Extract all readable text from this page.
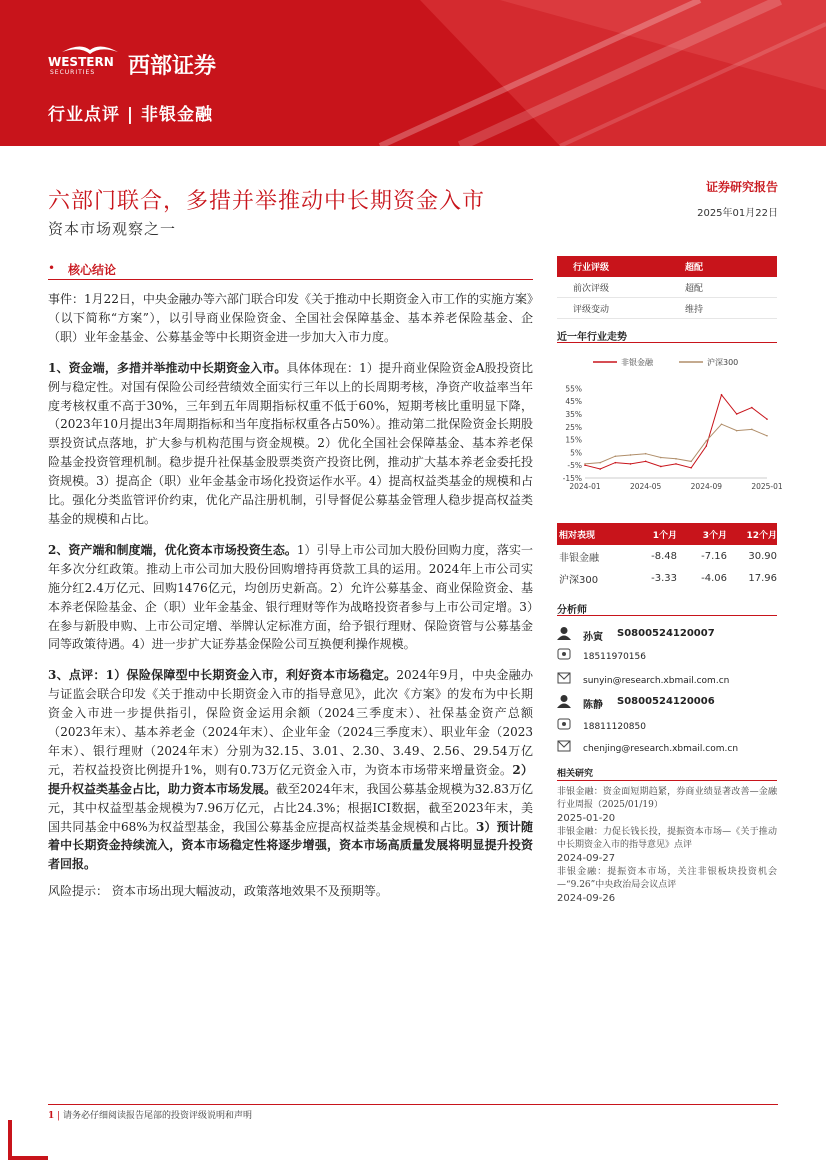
WESTERN
SECURITIES 西部证券
行业点评 | 非银金融
六部门联合，多措并举推动中长期资金入市
资本市场观察之一
证券研究报告
2025年01月22日
• 核心结论

事件：1月22日，中央金融办等六部门联合印发《关于推动中长期资金入市工作的实施方案》（以下简称“方案”），以引导商业保险资金、全国社会保障基金、基本养老保险基金、企（职）业年金基金、公募基金等中长期资金进一步加大入市力度。

1、资金端，多措并举推动中长期资金入市。具体体现在：1）提升商业保险资金A股投资比例与稳定性。对国有保险公司经营绩效全面实行三年以上的长周期考核，净资产收益率当年度考核权重不高于30%，三年到五年周期指标权重不低于60%，短期考核比重明显下降，（2023年10月提出3年周期指标和当年度指标权重各占50%）。推动第二批保险资金长期股票投资试点落地，扩大参与机构范围与资金规模。2）优化全国社会保障基金、基本养老保险基金投资管理机制。稳步提升社保基金股票类资产投资比例，推动扩大基本养老金委托投资规模。3）提高企（职）业年金基金市场化投资运作水平。4）提高权益类基金的规模和占比。强化分类监管评价约束，优化产品注册机制，引导督促公募基金管理人稳步提高权益类基金的规模和占比。

2、资产端和制度端，优化资本市场投资生态。1）引导上市公司加大股份回购力度，落实一年多次分红政策。推动上市公司加大股份回购增持再贷款工具的运用。2024年上市公司实施分红2.4万亿元、回购1476亿元，均创历史新高。2）允许公募基金、商业保险资金、基本养老保险基金、企（职）业年金基金、银行理财等作为战略投资者参与上市公司定增。3）在参与新股申购、上市公司定增、举牌认定标准方面，给予银行理财、保险资管与公募基金同等政策待遇。4）进一步扩大证券基金保险公司互换便利操作规模。

3、点评：1）保险保障型中长期资金入市，利好资本市场稳定。2024年9月，中央金融办与证监会联合印发《关于推动中长期资金入市的指导意见》，此次《方案》的发布为中长期资金入市进一步提供指引，保险资金运用余额（2024三季度末）、社保基金资产总额（2023年末）、基本养老金（2024年末）、企业年金（2024三季度末）、职业年金（2023年末）、银行理财（2024年末）分别为32.15、3.01、2.30、3.49、2.56、29.54万亿元，若权益投资比例提升1%，则有0.73万亿元资金入市，为资本市场带来增量资金。2）提升权益类基金占比，助力资本市场发展。截至2024年末，我国公募基金规模为32.83万亿元，其中权益型基金规模为7.96万亿元，占比24.3%；根据ICI数据，截至2023年末，美国共同基金中68%为权益型基金，我国公募基金应提高权益类基金规模和占比。3）预计随着中长期资金持续流入，资本市场稳定性将逐步增强，资本市场高质量发展将明显提升投资者回报。

风险提示： 资本市场出现大幅波动，政策落地效果不及预期等。

行业评级	超配
前次评级	超配
评级变动	维持
近一年行业走势
非银金融	沪深300
55%
45%
35%
25%
15%
5%
-5%
-15%
2024-01	2024-05	2024-09	2025-01
相对表现	1个月	3个月	12个月
非银金融	-8.48	-7.16	30.90
沪深300	-3.33	-4.06	17.96
分析师
孙寅 S0800524120007
18511970156
sunyin@research.xbmail.com.cn
陈静 S0800524120006
18811120850
chenjing@research.xbmail.com.cn
相关研究
非银金融：资金面短期趋紧，券商业绩显著改善—金融行业周报（2025/01/19）
2025-01-20
非银金融：力促长钱长投，提振资本市场—《关于推动中长期资金入市的指导意见》点评
2024-09-27
非银金融：提振资本市场，关注非银板块投资机会—“9.26”中央政治局会议点评
2024-09-26
1 | 请务必仔细阅读报告尾部的投资评级说明和声明
